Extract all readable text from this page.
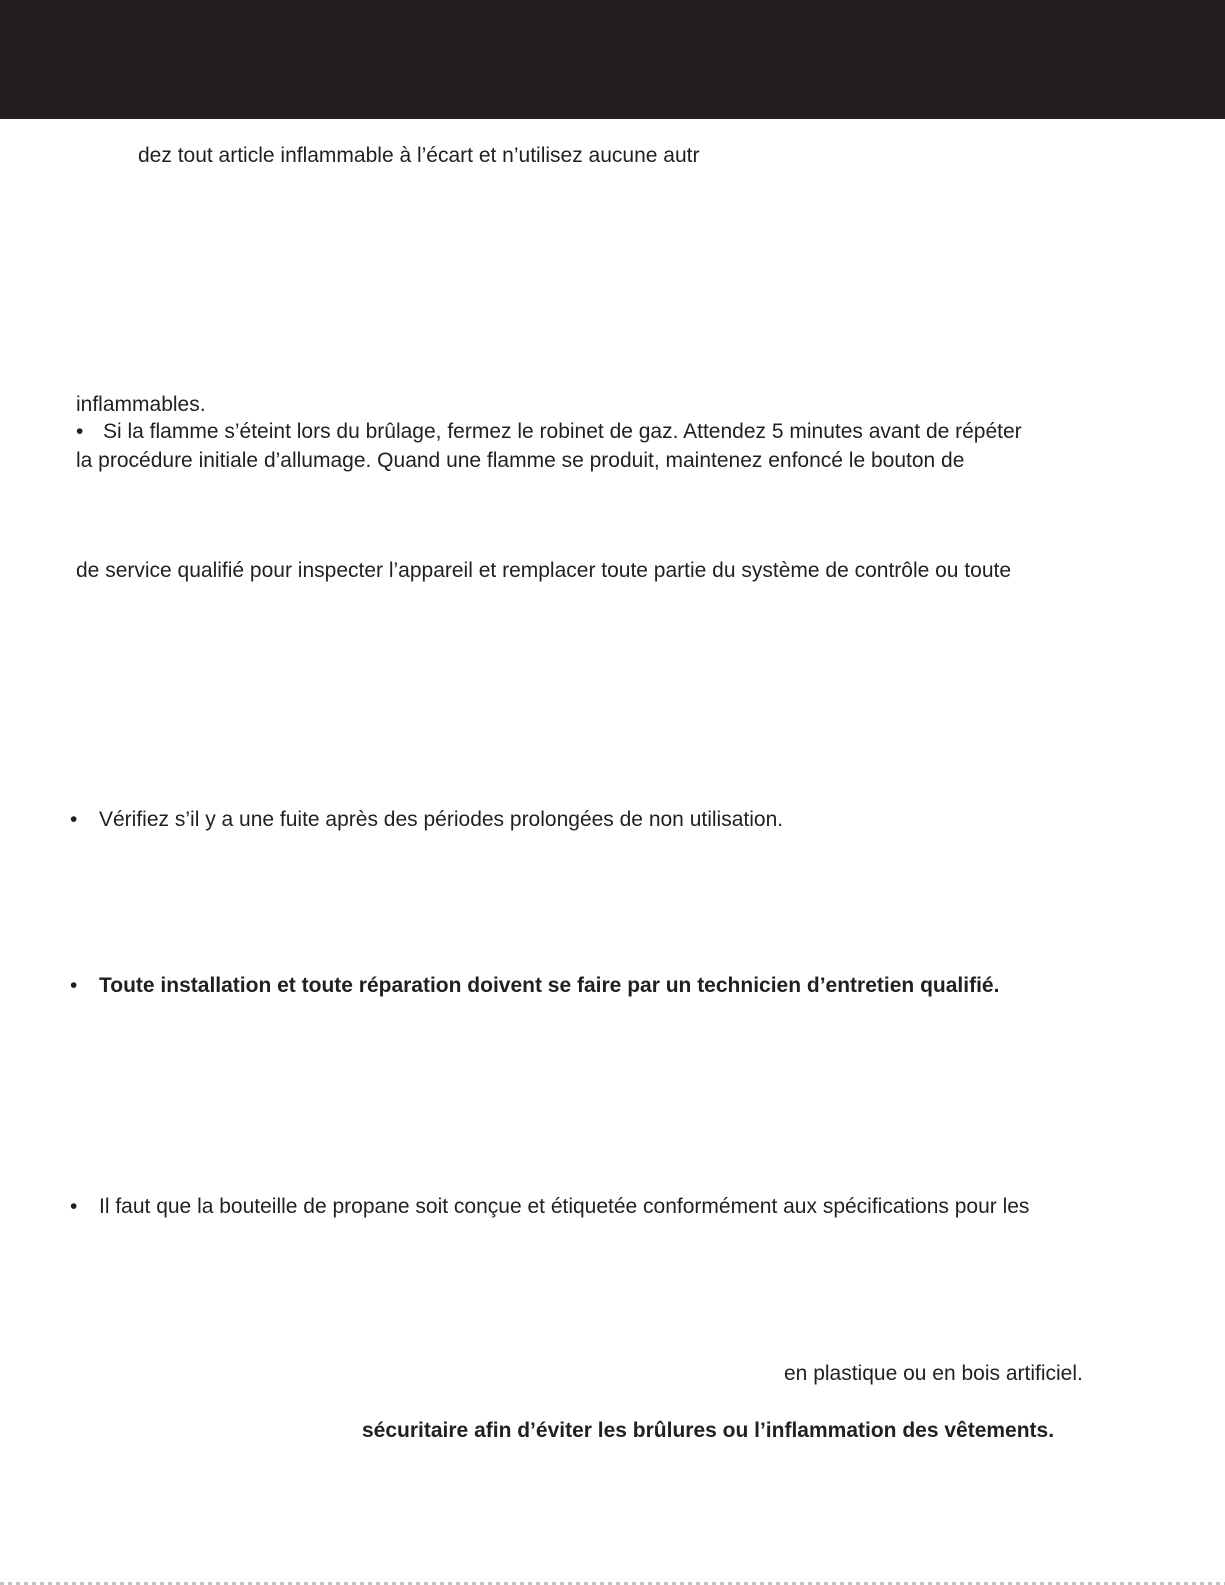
dez tout article inflammable à l’écart et n’utilisez aucune autr
inflammables.
• Si la flamme s’éteint lors du brûlage, fermez le robinet de gaz. Attendez 5 minutes avant de répéter
la procédure initiale d’allumage. Quand une flamme se produit, maintenez enfoncé le bouton de
de service qualifié pour inspecter l’appareil et remplacer toute partie du système de contrôle ou toute
• Vérifiez s’il y a une fuite après des périodes prolongées de non utilisation.
• Toute installation et toute réparation doivent se faire par un technicien d’entretien qualifié.
• Il faut que la bouteille de propane soit conçue et étiquetée conformément aux spécifications pour les
en plastique ou en bois artificiel.
sécuritaire afin d’éviter les brûlures ou l’inflammation des vêtements.
